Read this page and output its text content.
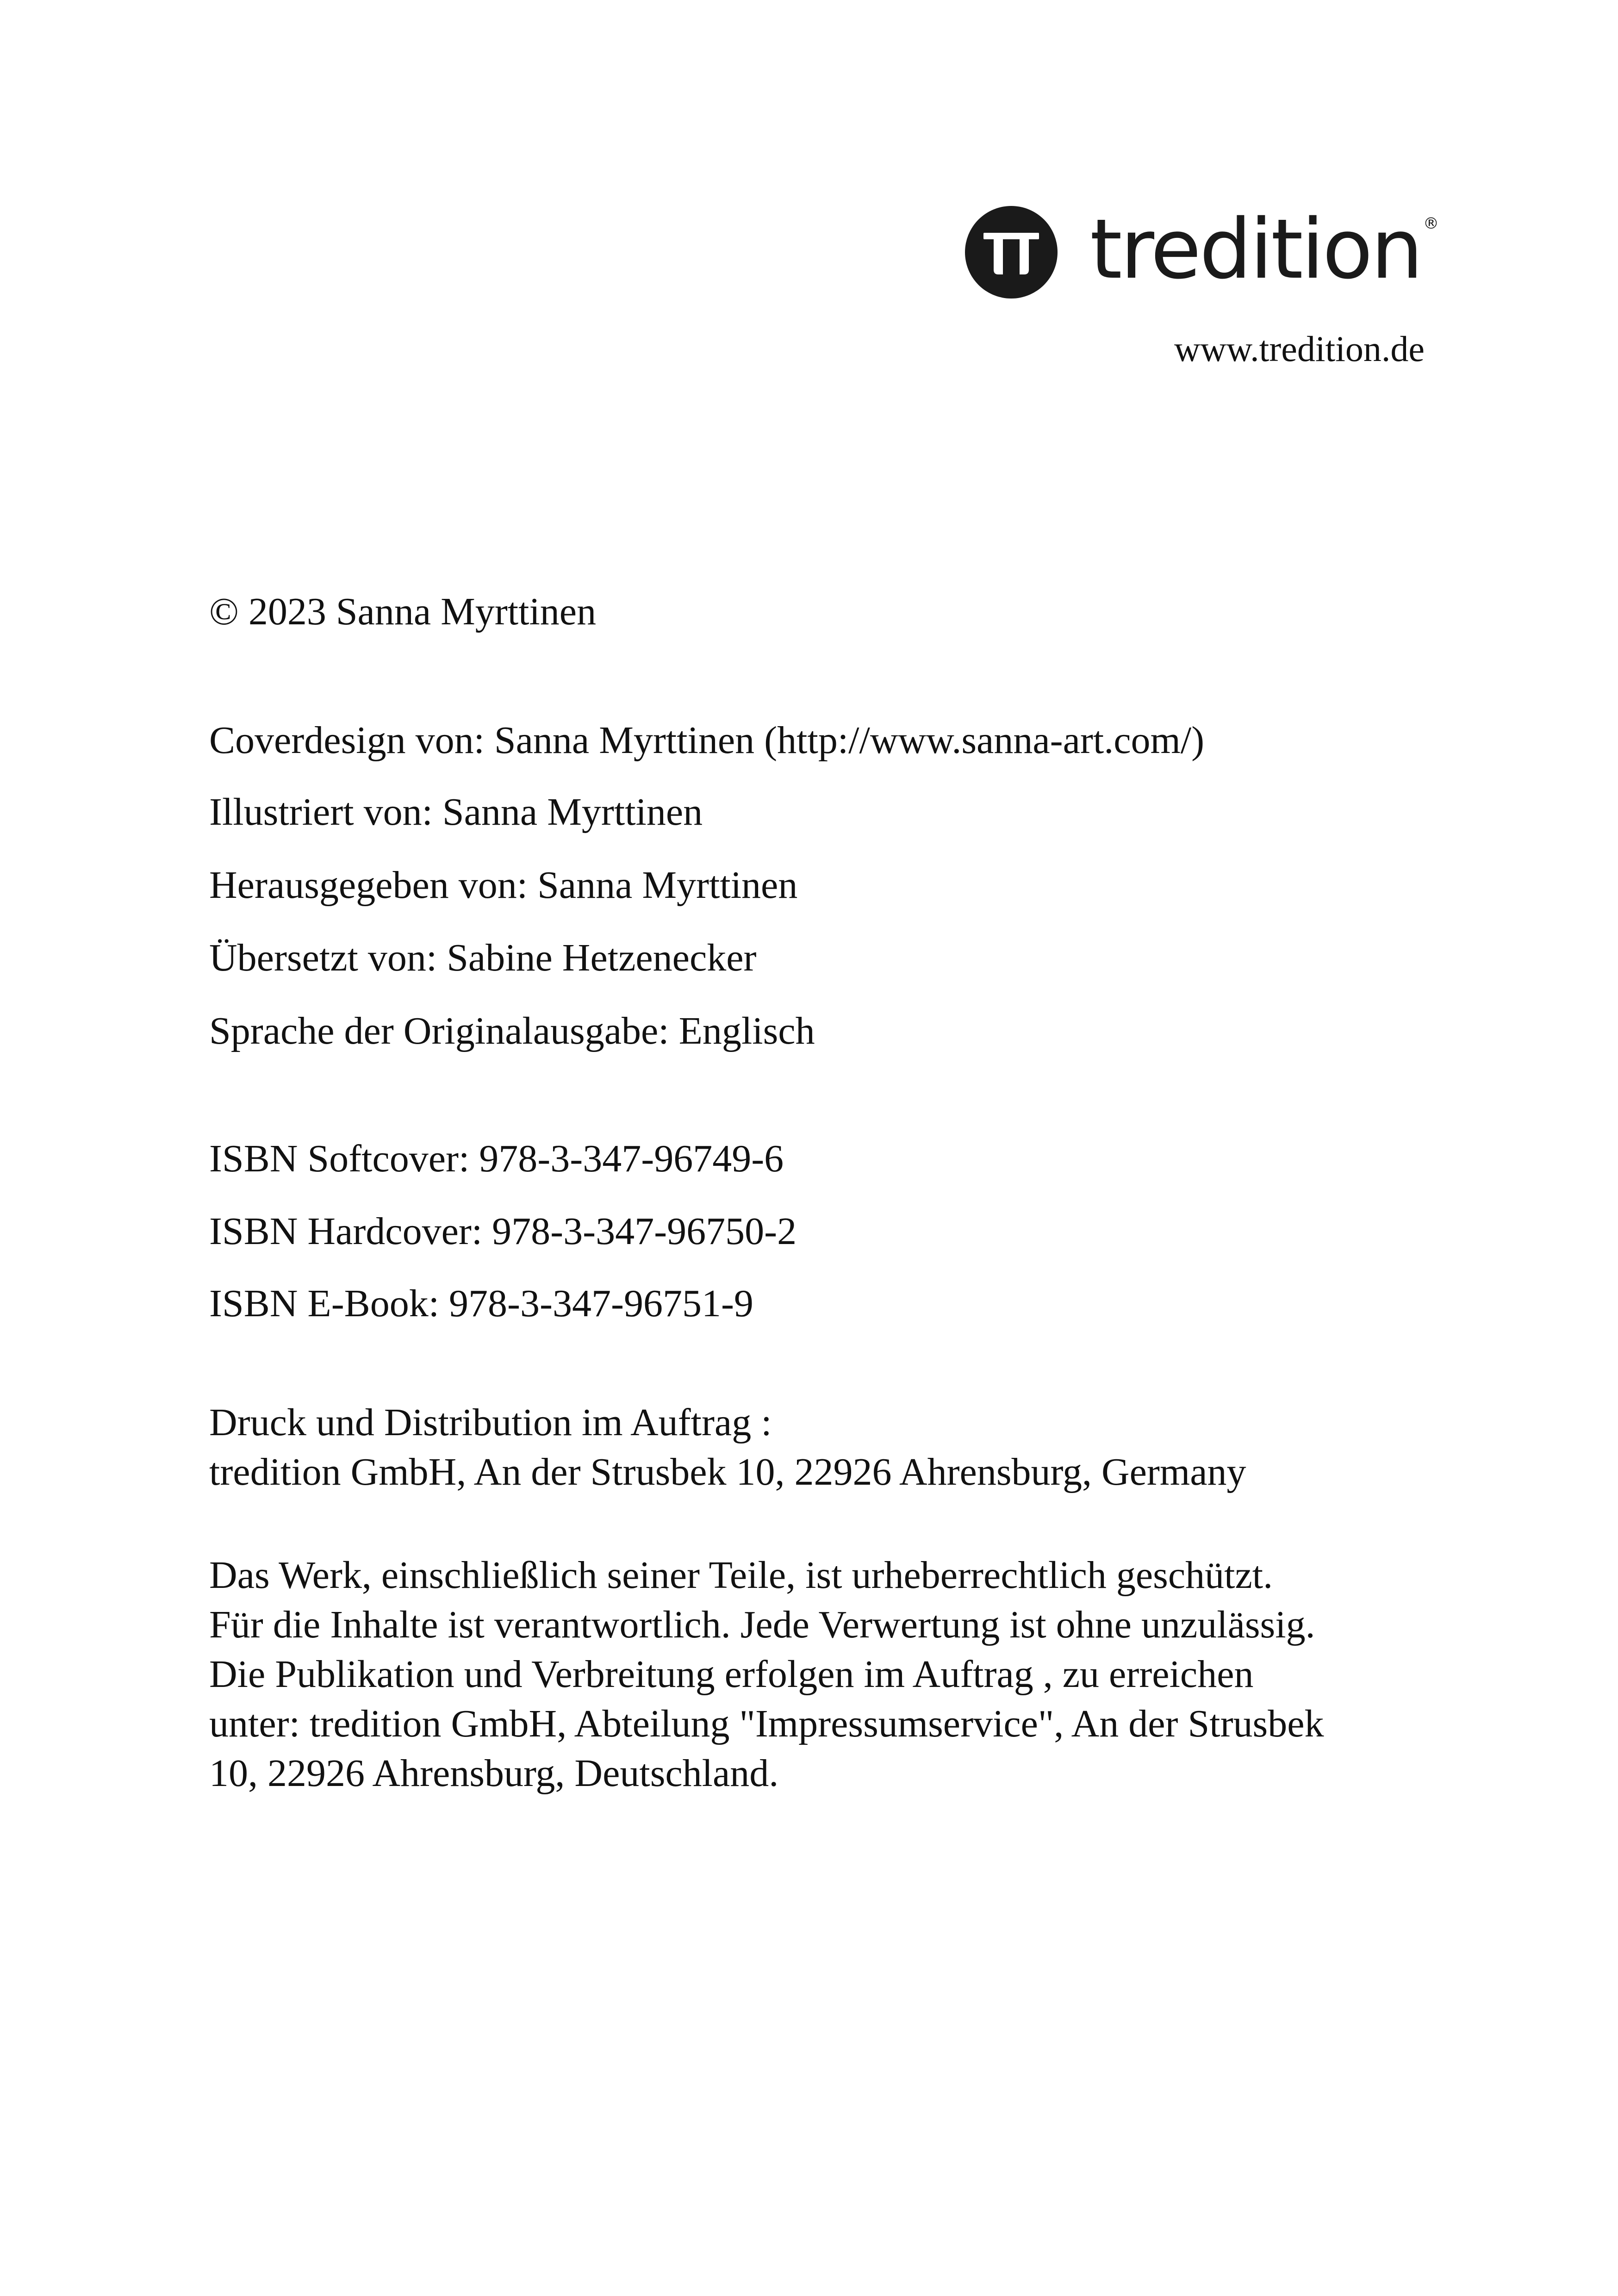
tredition ®
www.tredition.de
© 2023 Sanna Myrttinen
Coverdesign von: Sanna Myrttinen (http://www.sanna-art.com/)
Illustriert von: Sanna Myrttinen
Herausgegeben von: Sanna Myrttinen
Übersetzt von: Sabine Hetzenecker
Sprache der Originalausgabe: Englisch
ISBN Softcover: 978-3-347-96749-6
ISBN Hardcover: 978-3-347-96750-2
ISBN E-Book: 978-3-347-96751-9
Druck und Distribution im Auftrag :
tredition GmbH, An der Strusbek 10, 22926 Ahrensburg, Germany
Das Werk, einschließlich seiner Teile, ist urheberrechtlich geschützt.
Für die Inhalte ist verantwortlich. Jede Verwertung ist ohne unzulässig.
Die Publikation und Verbreitung erfolgen im Auftrag , zu erreichen
unter: tredition GmbH, Abteilung "Impressumservice", An der Strusbek
10, 22926 Ahrensburg, Deutschland.
